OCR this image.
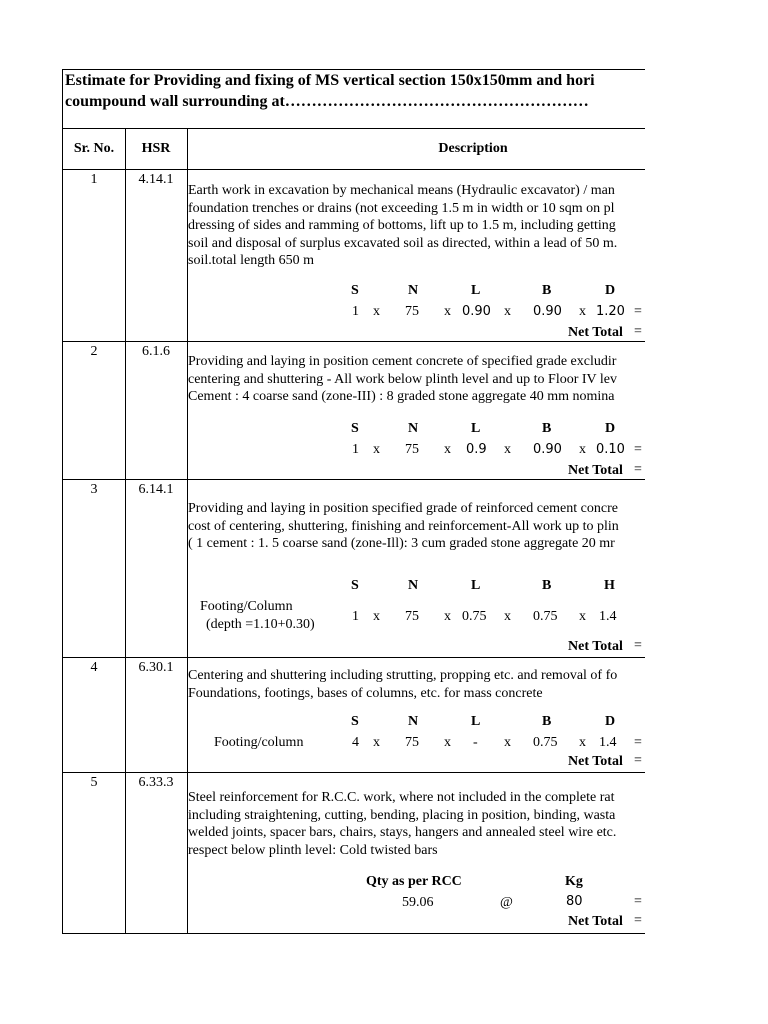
Estimate for Providing and fixing of MS vertical section 150x150mm and hori
coumpound wall surrounding at…………………………………………………
Sr. No.	HSR	Description
1	4.14.1
Earth work in excavation by mechanical means (Hydraulic excavator) / man
foundation trenches or drains (not exceeding 1.5 m in width or 10 sqm on pl
dressing of sides and ramming of bottoms, lift up to 1.5 m, including getting
soil and disposal of surplus excavated soil as directed, within a lead of 50 m.
soil.total length 650 m
S	N	L	B	D
1 x 75 x 0.90 x 0.90 x 1.20 =
Net Total =
2	6.1.6
Providing and laying in position cement concrete of specified grade excludir
centering and shuttering - All work below plinth level and up to Floor IV lev
Cement : 4 coarse sand (zone-III) : 8 graded stone aggregate 40 mm nomina
S	N	L	B	D
1 x 75 x 0.9 x 0.90 x 0.10 =
Net Total =
3	6.14.1
Providing and laying in position specified grade of reinforced cement concre
cost of centering, shuttering, finishing and reinforcement-All work up to plin
( 1 cement : 1. 5 coarse sand (zone-Ill): 3 cum graded stone aggregate 20 mr
S	N	L	B	H
Footing/Column
(depth =1.10+0.30)
1 x 75 x 0.75 x 0.75 x 1.4
Net Total =
4	6.30.1
Centering and shuttering including strutting, propping etc. and removal of fo
Foundations, footings, bases of columns, etc. for mass concrete
S	N	L	B	D
Footing/column	4 x 75 x - x 0.75 x 1.4 =
Net Total =
5	6.33.3
Steel reinforcement for R.C.C. work, where not included in the complete rat
including straightening, cutting, bending, placing in position, binding, wasta
welded joints, spacer bars, chairs, stays, hangers and annealed steel wire etc.
respect below plinth level: Cold twisted bars
Qty as per RCC	Kg
59.06	@	80	=
Net Total =
